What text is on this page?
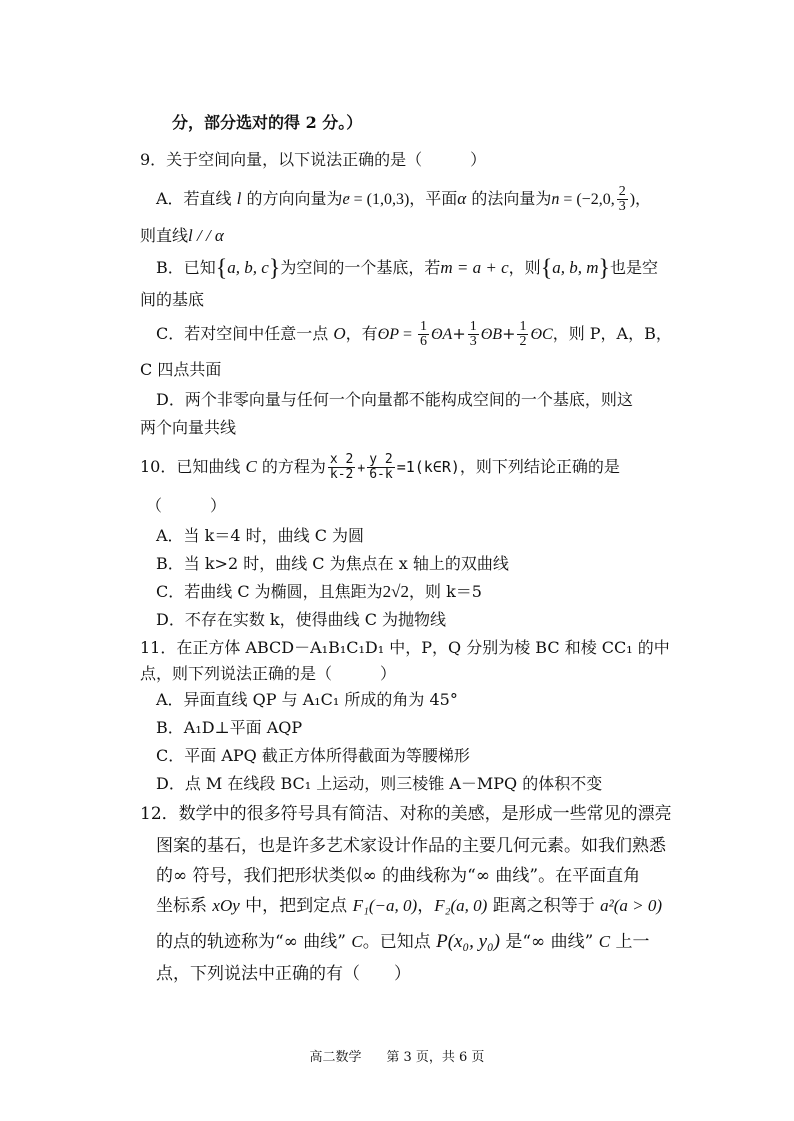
分，部分选对的得 2 分。）
9．关于空间向量，以下说法正确的是（　　　）
A．若直线 l 的方向向量为→ e = (1,0,3)，平面α 的法向量为→ n = (−2,0, $\frac{2}{3}$ )，
则直线l / / α
B．已知{a, b, c}为空间的一个基底，若m = a + c，则{a, b, m}也是空
间的基底
C．若对空间中任意一点 O，有→ OP = $\frac{1}{6}$
→ $OA+ \frac{1}{3}$
→ $OB+ \frac{1}{2}$
→ OC，则 P，A，B，
C 四点共面
D．两个非零向量与任何一个向量都不能构成空间的一个基底，则这
两个向量共线
10．已知曲线 C 的方程为 $\frac{x 2}{k-2} + \frac{y 2}{6-k}$ =1(k∈R)，则下列结论正确的是
（　　　）
A．当 k＝4 时，曲线 C 为圆
B．当 k>2 时，曲线 C 为焦点在 x 轴上的双曲线
C．若曲线 C 为椭圆，且焦距为2√2，则 k＝5
D．不存在实数 k，使得曲线 C 为抛物线
11．在正方体 ABCD－A₁B₁C₁D₁ 中，P，Q 分别为棱 BC 和棱 CC₁ 的中
点，则下列说法正确的是（　　　）
A．异面直线 QP 与 A₁C₁ 所成的角为 45°
B．A₁D⊥平面 AQP
C．平面 APQ 截正方体所得截面为等腰梯形
D．点 M 在线段 BC₁ 上运动，则三棱锥 A－MPQ 的体积不变
12．数学中的很多符号具有简洁、对称的美感，是形成一些常见的漂亮
图案的基石，也是许多艺术家设计作品的主要几何元素。如我们熟悉
的∞ 符号，我们把形状类似∞ 的曲线称为“∞ 曲线”。在平面直角
坐标系 xOy 中，把到定点 F₁(−a, 0)，F₂(a, 0) 距离之积等于 a²(a > 0)
的点的轨迹称为“∞ 曲线” C。已知点 P(x₀, y₀) 是“∞ 曲线” C 上一
点，下列说法中正确的有（　　）
高二数学 第 3 页，共 6 页
